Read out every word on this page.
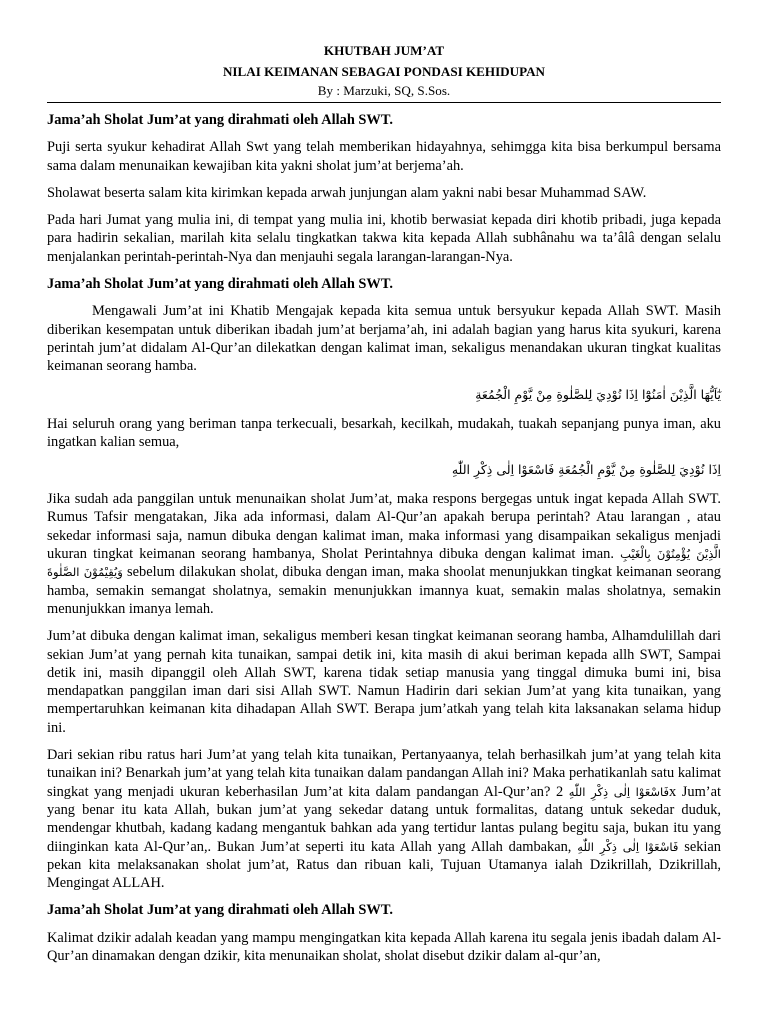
KHUTBAH JUM’AT
NILAI KEIMANAN SEBAGAI PONDASI KEHIDUPAN
By : Marzuki, SQ, S.Sos.

Jama’ah Sholat Jum’at yang dirahmati oleh Allah SWT.

Puji serta syukur kehadirat Allah Swt yang telah memberikan hidayahnya, sehimgga kita bisa berkumpul bersama sama dalam menunaikan kewajiban kita yakni sholat jum’at berjema’ah.

Sholawat beserta salam kita kirimkan kepada arwah junjungan alam yakni nabi besar Muhammad SAW.

Pada hari Jumat yang mulia ini, di tempat yang mulia ini, khotib berwasiat kepada diri khotib pribadi, juga kepada para hadirin sekalian, marilah kita selalu tingkatkan takwa kita kepada Allah subhânahu wa ta’âlâ dengan selalu menjalankan perintah-perintah-Nya dan menjauhi segala larangan-larangan-Nya.

Jama’ah Sholat Jum’at yang dirahmati oleh Allah SWT.

Mengawali Jum’at ini Khatib Mengajak kepada kita semua untuk bersyukur kepada Allah SWT. Masih diberikan kesempatan untuk diberikan ibadah jum’at berjama’ah, ini adalah bagian yang harus kita syukuri, karena perintah jum’at didalam Al-Qur’an dilekatkan dengan kalimat iman, sekaligus menandakan ukuran tingkat kualitas keimanan seorang hamba.

يٰٓاَيُّهَا الَّذِيْنَ اٰمَنُوْٓا اِذَا نُوْدِيَ لِلصَّلٰوةِ مِنْ يَّوْمِ الْجُمُعَةِ

Hai seluruh orang yang beriman tanpa terkecuali, besarkah, kecilkah, mudakah, tuakah sepanjang punya iman, aku ingatkan kalian semua,

اِذَا نُوْدِيَ لِلصَّلٰوةِ مِنْ يَّوْمِ الْجُمُعَةِ فَاسْعَوْا اِلٰى ذِكْرِ اللّٰهِ

Jika sudah ada panggilan untuk menunaikan sholat Jum’at, maka respons bergegas untuk ingat kepada Allah SWT. Rumus Tafsir mengatakan, Jika ada informasi, dalam Al-Qur’an apakah berupa perintah? Atau larangan , atau sekedar informasi saja, namun dibuka dengan kalimat iman, maka informasi yang disampaikan sekaligus menjadi ukuran tingkat keimanan seorang hambanya, Sholat Perintahnya dibuka dengan kalimat iman. الَّذِيْنَ يُؤْمِنُوْنَ بِالْغَيْبِ وَيُقِيْمُوْنَ الصَّلٰوةَ sebelum dilakukan sholat, dibuka dengan iman, maka shoolat menunjukkan tingkat keimanan seorang hamba, semakin semangat sholatnya, semakin menunjukkan imannya kuat, semakin malas sholatnya, semakin menunjukkan imanya lemah.

Jum’at dibuka dengan kalimat iman, sekaligus memberi kesan tingkat keimanan seorang hamba, Alhamdulillah dari sekian Jum’at yang pernah kita tunaikan, sampai detik ini, kita masih di akui beriman kepada allh SWT, Sampai detik ini, masih dipanggil oleh Allah SWT, karena tidak setiap manusia yang tinggal dimuka bumi ini, bisa mendapatkan panggilan iman dari sisi Allah SWT. Namun Hadirin dari sekian Jum’at yang kita tunaikan, yang mempertaruhkan keimanan kita dihadapan Allah SWT. Berapa jum’atkah yang telah kita laksanakan selama hidup ini.

Dari sekian ribu ratus hari Jum’at yang telah kita tunaikan, Pertanyaanya, telah berhasilkah jum’at yang telah kita tunaikan ini? Benarkah jum’at yang telah kita tunaikan dalam pandangan Allah ini? Maka perhatikanlah satu kalimat singkat yang menjadi ukuran keberhasilan Jum’at kita dalam pandangan Al-Qur’an? 2 فَاسْعَوْا اِلٰى ذِكْرِ اللّٰهِx Jum’at yang benar itu kata Allah, bukan jum’at yang sekedar datang untuk formalitas, datang untuk sekedar duduk, mendengar khutbah, kadang kadang mengantuk bahkan ada yang tertidur lantas pulang begitu saja, bukan itu yang diinginkan kata Al-Qur’an,. Bukan Jum’at seperti itu kata Allah yang Allah dambakan, فَاسْعَوْا اِلٰى ذِكْرِ اللّٰهِ sekian pekan kita melaksanakan sholat jum’at, Ratus dan ribuan kali, Tujuan Utamanya ialah Dzikrillah, Dzikrillah, Mengingat ALLAH.

Jama’ah Sholat Jum’at yang dirahmati oleh Allah SWT.

Kalimat dzikir adalah keadan yang mampu mengingatkan kita kepada Allah karena itu segala jenis ibadah dalam Al-Qur’an dinamakan dengan dzikir, kita menunaikan sholat, sholat disebut dzikir dalam al-qur’an,
